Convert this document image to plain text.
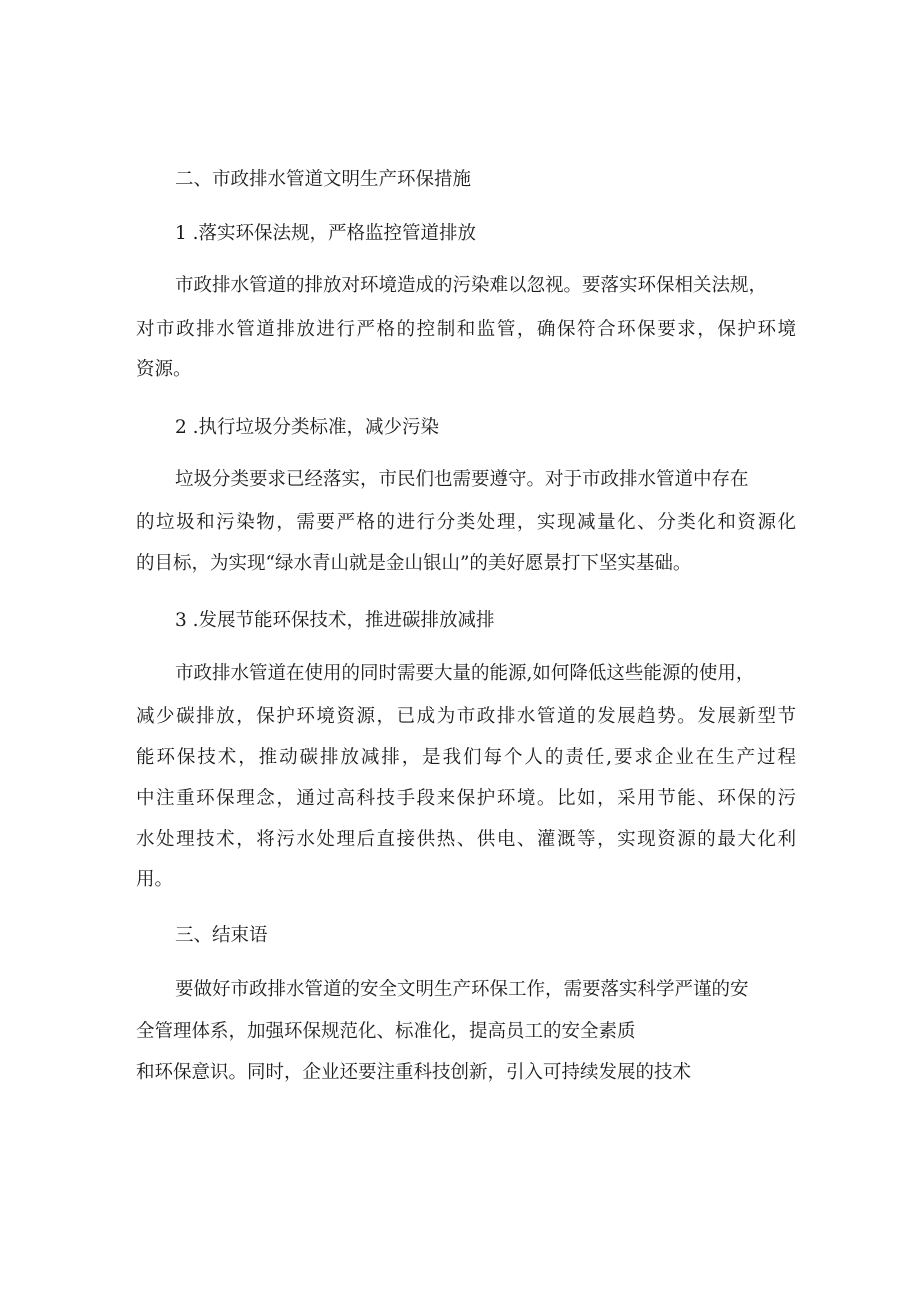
二、市政排水管道文明生产环保措施
1 .落实环保法规，严格监控管道排放
市政排水管道的排放对环境造成的污染难以忽视。要落实环保相关法规，
对市政排水管道排放进行严格的控制和监管，确保符合环保要求，保护环境
资源。
2 .执行垃圾分类标准，减少污染
垃圾分类要求已经落实，市民们也需要遵守。对于市政排水管道中存在
的垃圾和污染物，需要严格的进行分类处理，实现减量化、分类化和资源化
的目标，为实现“绿水青山就是金山银山”的美好愿景打下坚实基础。
3 .发展节能环保技术，推进碳排放减排
市政排水管道在使用的同时需要大量的能源,如何降低这些能源的使用，
减少碳排放，保护环境资源，已成为市政排水管道的发展趋势。发展新型节
能环保技术，推动碳排放减排，是我们每个人的责任,要求企业在生产过程
中注重环保理念，通过高科技手段来保护环境。比如，采用节能、环保的污
水处理技术，将污水处理后直接供热、供电、灌溉等，实现资源的最大化利
用。
三、结束语
要做好市政排水管道的安全文明生产环保工作，需要落实科学严谨的安
全管理体系，加强环保规范化、标准化，提高员工的安全素质
和环保意识。同时，企业还要注重科技创新，引入可持续发展的技术
